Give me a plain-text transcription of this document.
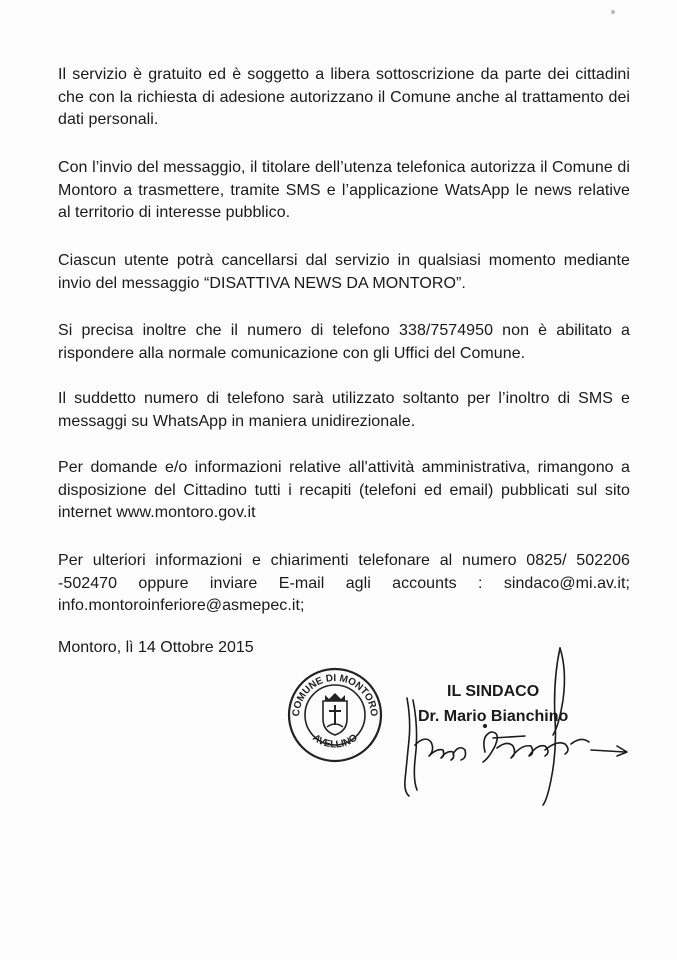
Il servizio è gratuito ed è soggetto a libera sottoscrizione da parte dei cittadini che con la richiesta di adesione autorizzano il Comune anche al trattamento dei dati personali.

Con l’invio del messaggio, il titolare dell’utenza telefonica autorizza il Comune di Montoro a trasmettere, tramite SMS e l’applicazione WatsApp le news relative al territorio di interesse pubblico.

Ciascun utente potrà cancellarsi dal servizio in qualsiasi momento mediante invio del messaggio “DISATTIVA NEWS DA MONTORO”.

Si precisa inoltre che il numero di telefono 338/7574950 non è abilitato a rispondere alla normale comunicazione con gli Uffici del Comune.

Il suddetto numero di telefono sarà utilizzato soltanto per l’inoltro di SMS e messaggi su WhatsApp in maniera unidirezionale.

Per domande e/o informazioni relative all'attività amministrativa, rimangono a disposizione del Cittadino tutti i recapiti (telefoni ed email) pubblicati sul sito internet www.montoro.gov.it

Per ulteriori informazioni e chiarimenti telefonare al numero 0825/ 502206 -502470 oppure inviare E-mail agli accounts : sindaco@mi.av.it; info.montoroinferiore@asmepec.it;

Montoro, lì 14 Ottobre 2015
COMUNE DI MONTORO
AVELLINO
IL SINDACO
Dr. Mario Bianchino
